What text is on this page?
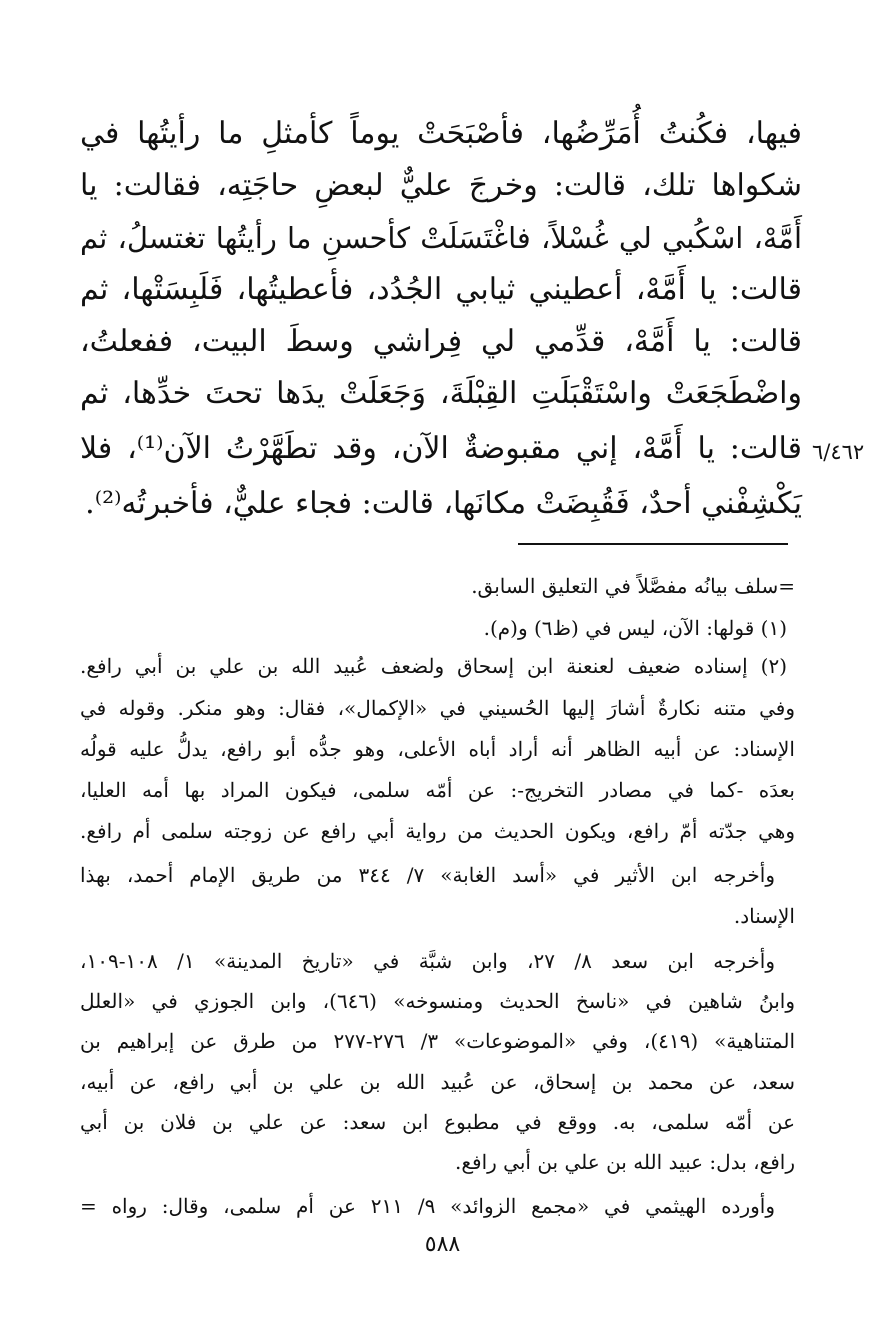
فيها، فكُنتُ أُمَرِّضُها، فأصْبَحَتْ يوماً كأمثلِ ما رأيتُها في
شكواها تلك، قالت: وخرجَ عليٌّ لبعضِ حاجَتِه، فقالت: يا
أَمَّهْ، اسْكُبي لي غُسْلاً، فاغْتَسَلَتْ كأحسنِ ما رأيتُها تغتسلُ، ثم
قالت: يا أَمَّهْ، أعطيني ثيابي الجُدُد، فأعطيتُها، فَلَبِسَتْها، ثم
قالت: يا أَمَّهْ، قدِّمي لي فِراشي وسطَ البيت، ففعلتُ،
واضْطَجَعَتْ واسْتَقْبَلَتِ القِبْلَةَ، وَجَعَلَتْ يدَها تحتَ خدِّها، ثم
قالت: يا أَمَّهْ، إني مقبوضةٌ الآن، وقد تطَهَّرْتُ الآن⁽¹⁾، فلا
يَكْشِفْني أحدٌ، فَقُبِضَتْ مكانَها، قالت: فجاء عليٌّ، فأخبرتُه⁽²⁾.
٦/٤٦٢
=سلف بيانُه مفصَّلاً في التعليق السابق.
(١) قولها: الآن، ليس في (ظ٦) و(م).
(٢) إسناده ضعيف لعنعنة ابن إسحاق ولضعف عُبيد الله بن علي بن أبي رافع.
وفي متنه نكارةٌ أشارَ إليها الحُسيني في «الإكمال»، فقال: وهو منكر. وقوله في
الإسناد: عن أبيه الظاهر أنه أراد أباه الأعلى، وهو جدُّه أبو رافع، يدلُّ عليه قولُه
بعدَه -كما في مصادر التخريج-: عن أمّه سلمى، فيكون المراد بها أمه العليا،
وهي جدّته أمّ رافع، ويكون الحديث من رواية أبي رافع عن زوجته سلمى أم رافع.
وأخرجه ابن الأثير في «أسد الغابة» ٧/ ٣٤٤ من طريق الإمام أحمد، بهذا
الإسناد.
وأخرجه ابن سعد ٨/ ٢٧، وابن شبَّة في «تاريخ المدينة» ١/ ١٠٨-١٠٩،
وابنُ شاهين في «ناسخ الحديث ومنسوخه» (٦٤٦)، وابن الجوزي في «العلل
المتناهية» (٤١٩)، وفي «الموضوعات» ٣/ ٢٧٦-٢٧٧ من طرق عن إبراهيم بن
سعد، عن محمد بن إسحاق، عن عُبيد الله بن علي بن أبي رافع، عن أبيه،
عن أمّه سلمى، به. ووقع في مطبوع ابن سعد: عن علي بن فلان بن أبي
رافع، بدل: عبيد الله بن علي بن أبي رافع.
وأورده الهيثمي في «مجمع الزوائد» ٩/ ٢١١ عن أم سلمى، وقال: رواه =
٥٨٨
